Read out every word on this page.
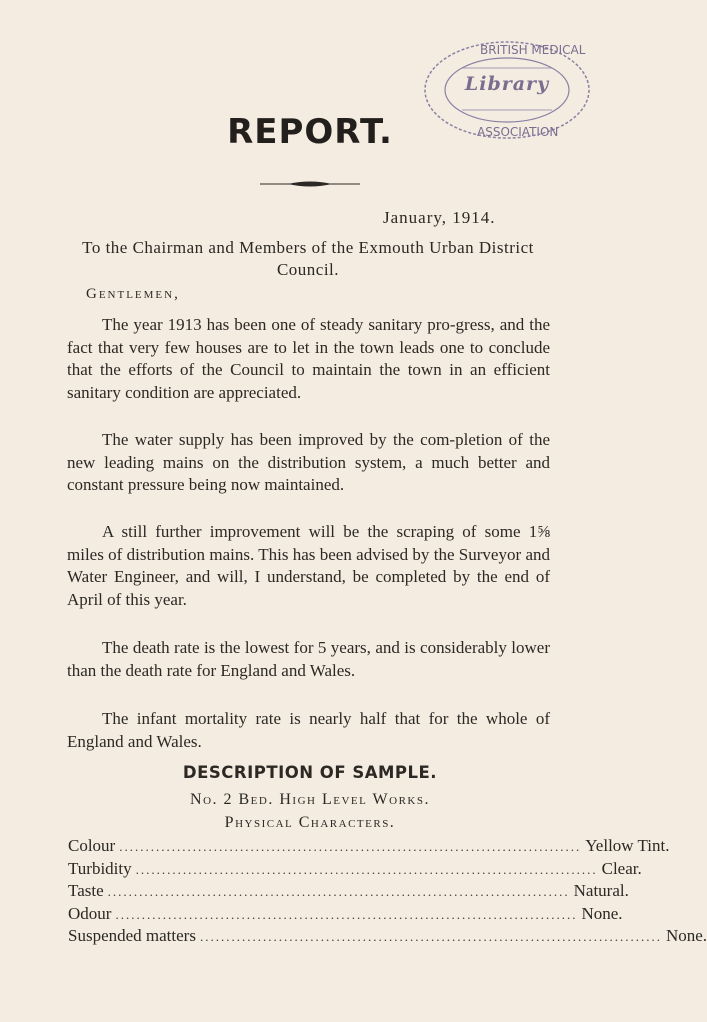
BRITISH MEDICAL
ASSOCIATION
Library
REPORT.
January, 1914.
To the Chairman and Members of the Exmouth Urban District Council.
Gentlemen,

The year 1913 has been one of steady sanitary pro-gress, and the fact that very few houses are to let in the town leads one to conclude that the efforts of the Council to maintain the town in an efficient sanitary condition are appreciated.

The water supply has been improved by the com-pletion of the new leading mains on the distribution system, a much better and constant pressure being now maintained.

A still further improvement will be the scraping of some 1⅝ miles of distribution mains. This has been advised by the Surveyor and Water Engineer, and will, I understand, be completed by the end of April of this year.

The death rate is the lowest for 5 years, and is considerably lower than the death rate for England and Wales.

The infant mortality rate is nearly half that for the whole of England and Wales.

DESCRIPTION OF SAMPLE.
No. 2 Bed. High Level Works.
Physical Characters.
Colour ........................................................................................ Yellow Tint.
Turbidity ........................................................................................ Clear.
Taste ........................................................................................ Natural.
Odour ........................................................................................ None.
Suspended matters ........................................................................................ None.
